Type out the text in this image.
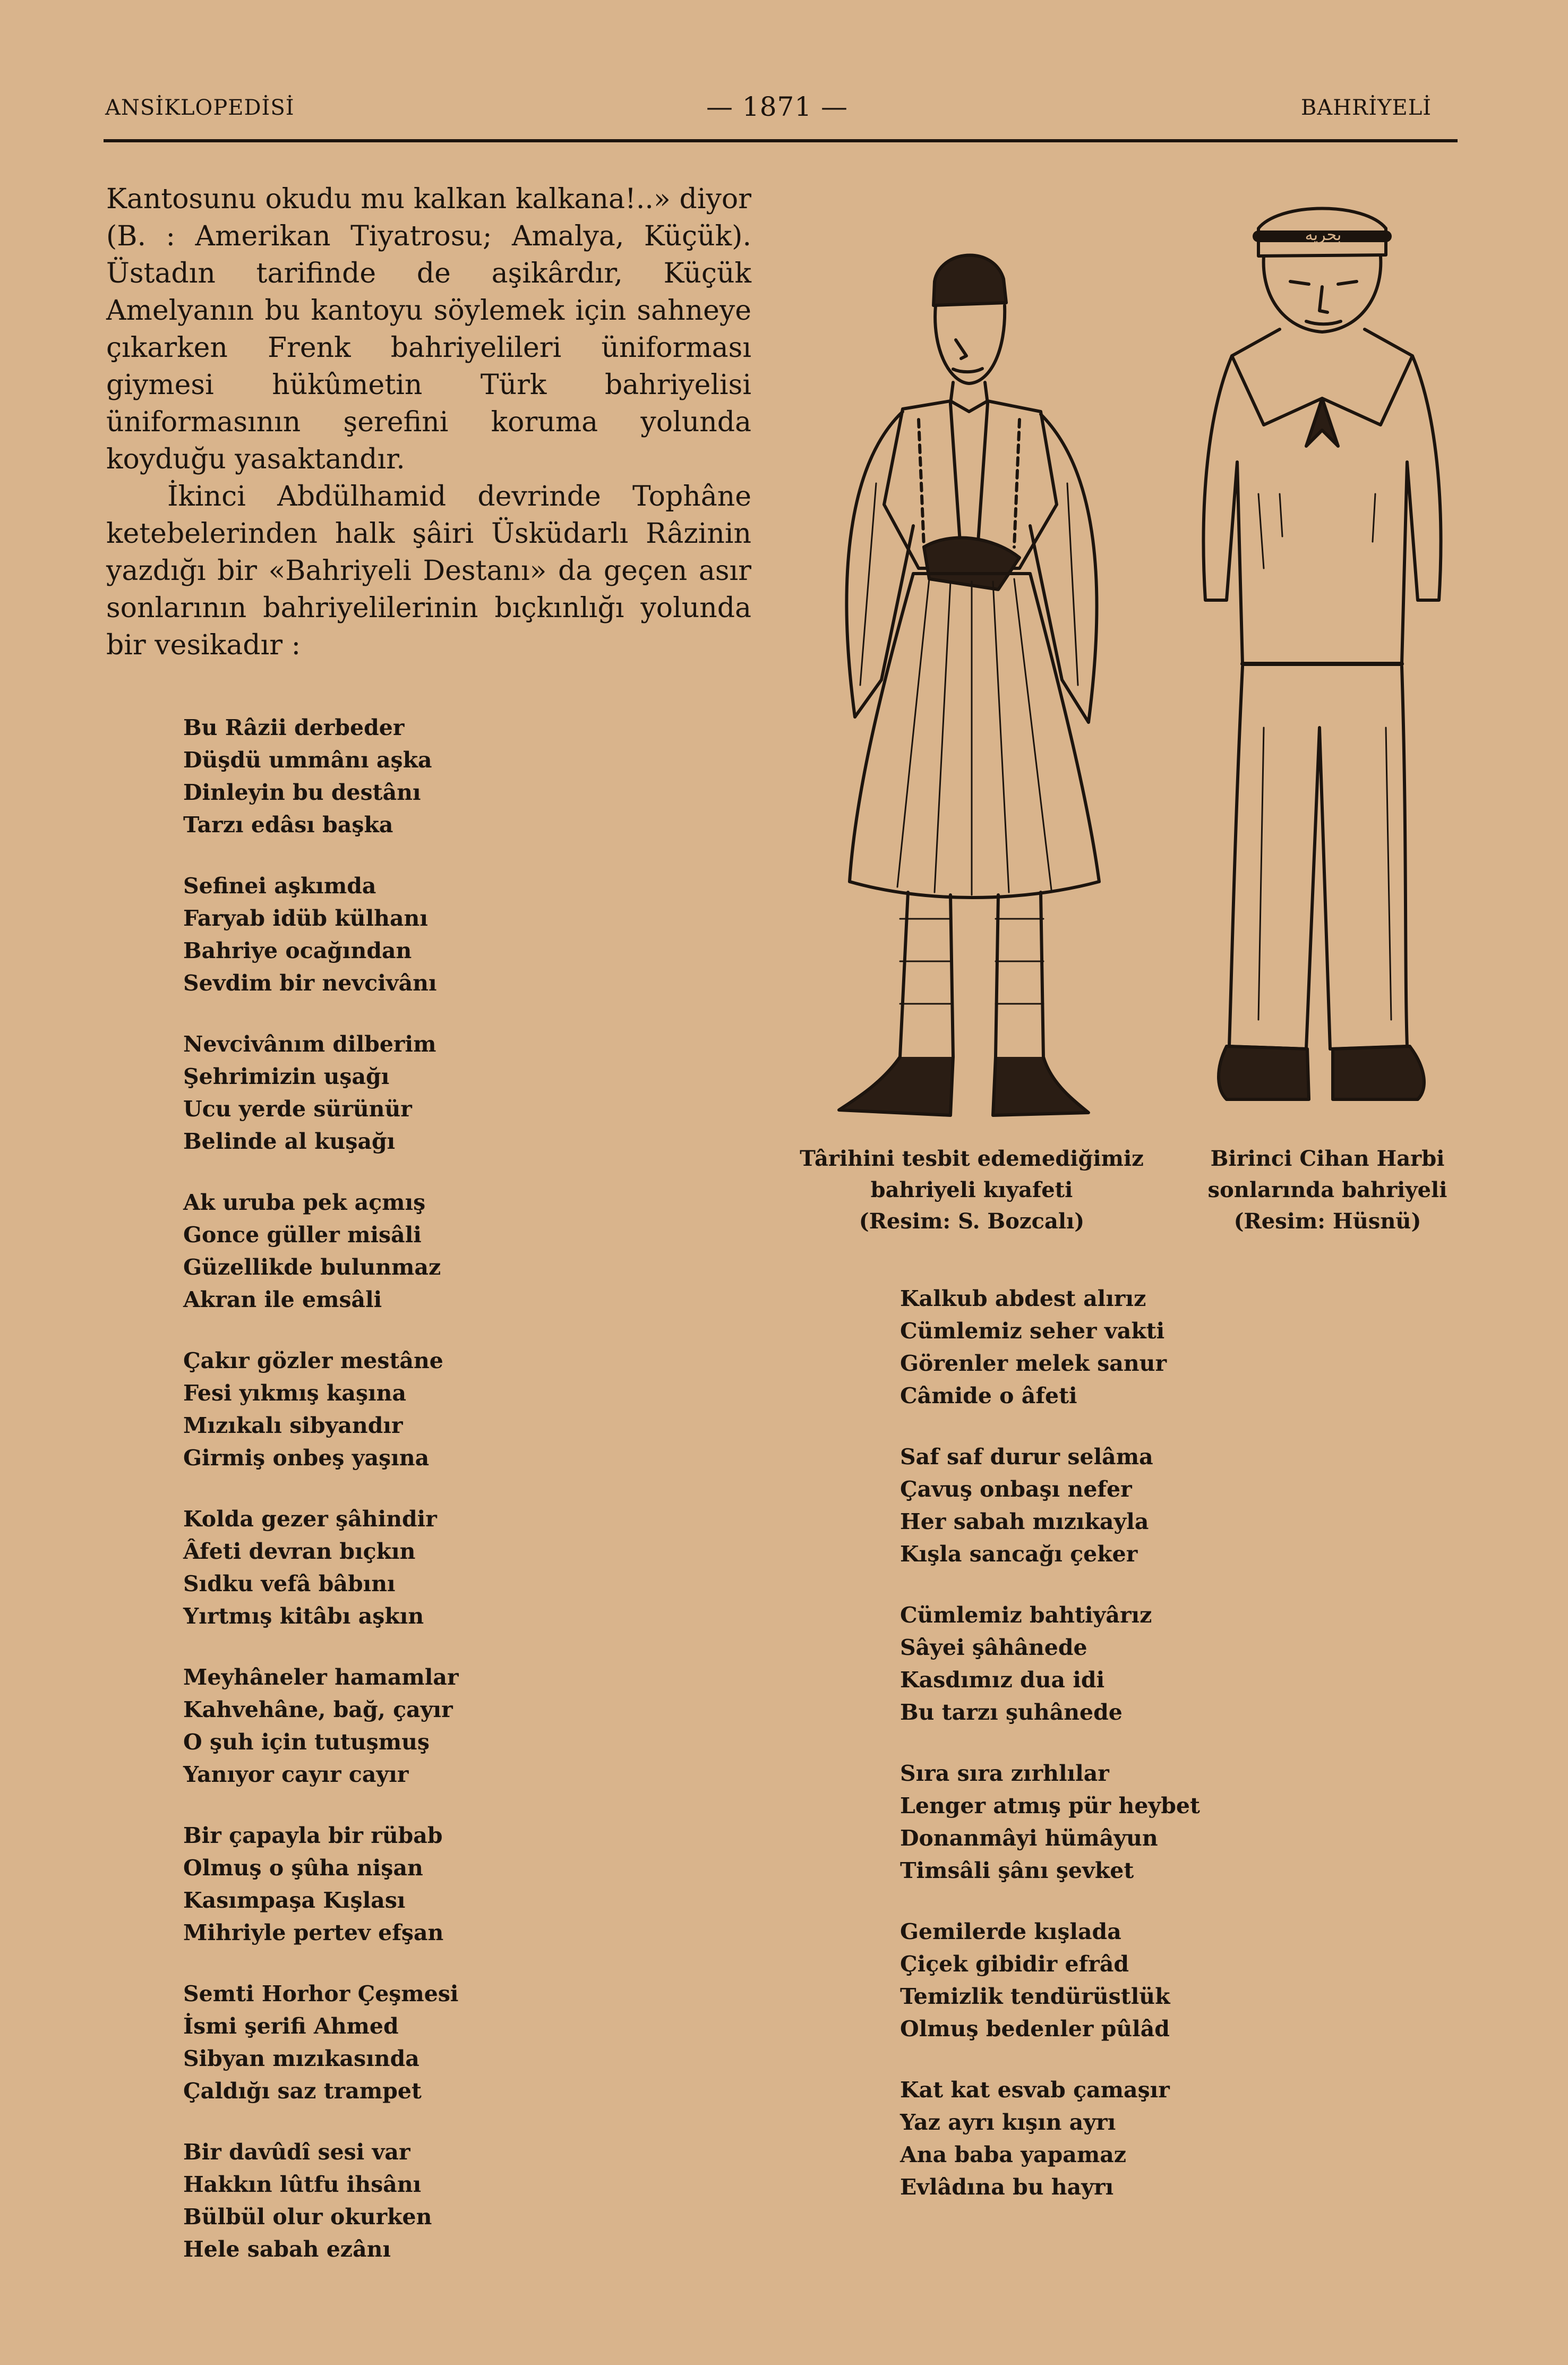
ANSİKLOPEDİSİ	— 1871 —	BAHRİYELİ

Kantosunu okudu mu kalkan kalkana!..» diyor (B. : Amerikan Tiyatrosu; Amalya, Küçük). Üstadın tarifinde de aşikârdır, Küçük Amelyanın bu kantoyu söylemek için sahneye çıkarken Frenk bahriyelileri üniforması giymesi hükûmetin Türk bahriyelisi üniformasının şerefini koruma yolunda koyduğu yasaktandır.

İkinci Abdülhamid devrinde Tophâne ketebelerinden halk şâiri Üsküdarlı Râzinin yazdığı bir «Bahriyeli Destanı» da geçen asır sonlarının bahriyelilerinin bıçkınlığı yolunda bir vesikadır :

بحریه
Târihini tesbit edemediğimiz
bahriyeli kıyafeti
(Resim: S. Bozcalı)
Birinci Cihan Harbi
sonlarında bahriyeli
(Resim: Hüsnü)
Bu Râzii derbeder
Düşdü ummânı aşka
Dinleyin bu destânı
Tarzı edâsı başka
Sefinei aşkımda
Faryab idüb külhanı
Bahriye ocağından
Sevdim bir nevcivânı
Nevcivânım dilberim
Şehrimizin uşağı
Ucu yerde sürünür
Belinde al kuşağı
Ak uruba pek açmış
Gonce güller misâli
Güzellikde bulunmaz
Akran ile emsâli
Çakır gözler mestâne
Fesi yıkmış kaşına
Mızıkalı sibyandır
Girmiş onbeş yaşına
Kolda gezer şâhindir
Âfeti devran bıçkın
Sıdku vefâ bâbını
Yırtmış kitâbı aşkın
Meyhâneler hamamlar
Kahvehâne, bağ, çayır
O şuh için tutuşmuş
Yanıyor cayır cayır
Bir çapayla bir rübab
Olmuş o şûha nişan
Kasımpaşa Kışlası
Mihriyle pertev efşan
Semti Horhor Çeşmesi
İsmi şerifi Ahmed
Sibyan mızıkasında
Çaldığı saz trampet
Bir davûdî sesi var
Hakkın lûtfu ihsânı
Bülbül olur okurken
Hele sabah ezânı
Kalkub abdest alırız
Cümlemiz seher vakti
Görenler melek sanur
Câmide o âfeti
Saf saf durur selâma
Çavuş onbaşı nefer
Her sabah mızıkayla
Kışla sancağı çeker
Cümlemiz bahtiyârız
Sâyei şâhânede
Kasdımız dua idi
Bu tarzı şuhânede
Sıra sıra zırhlılar
Lenger atmış pür heybet
Donanmâyi hümâyun
Timsâli şânı şevket
Gemilerde kışlada
Çiçek gibidir efrâd
Temizlik tendürüstlük
Olmuş bedenler pûlâd
Kat kat esvab çamaşır
Yaz ayrı kışın ayrı
Ana baba yapamaz
Evlâdına bu hayrı
